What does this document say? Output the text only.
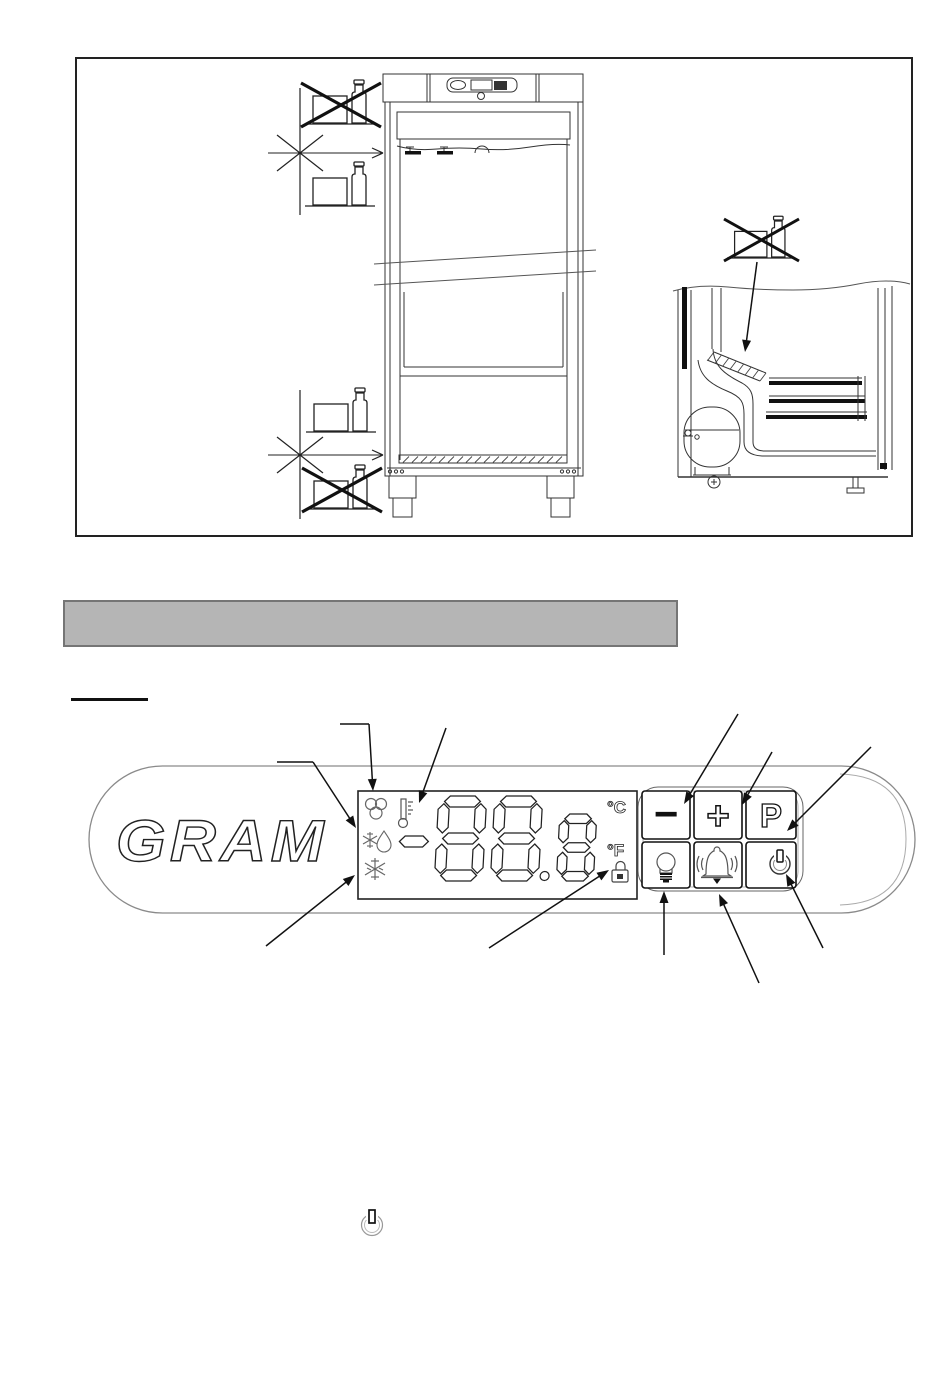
GRAM
°C
°F
− + P
